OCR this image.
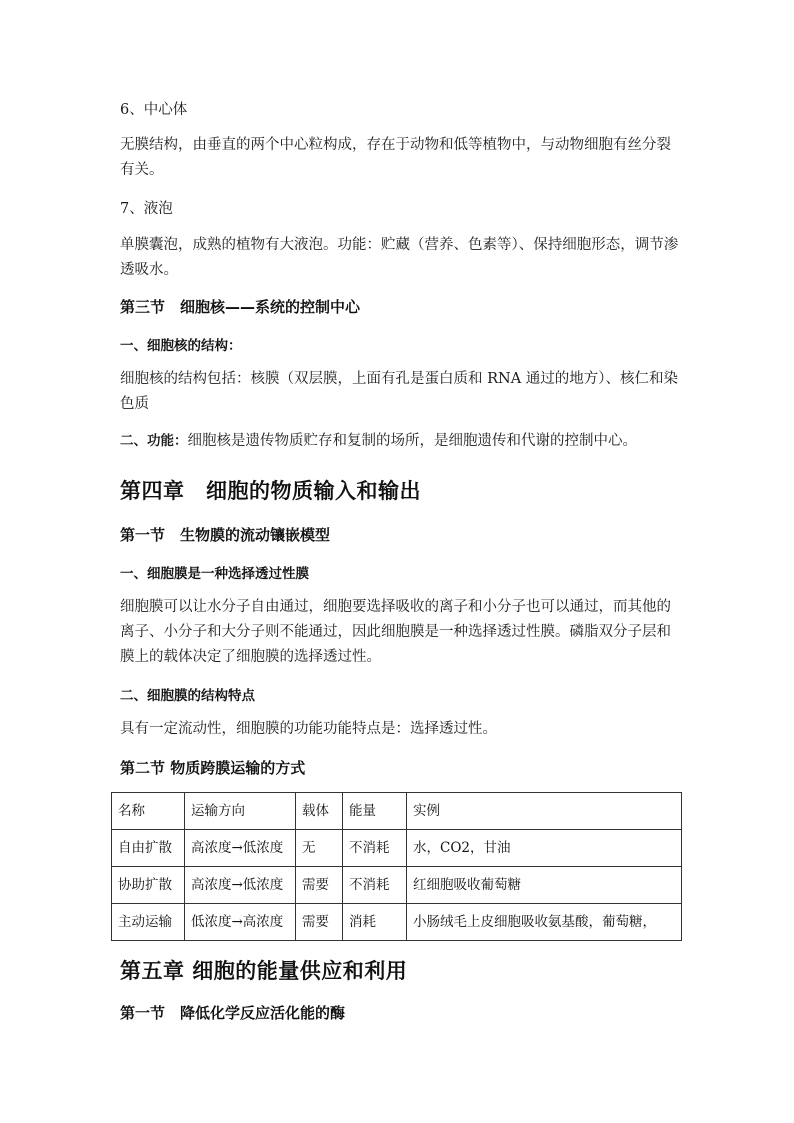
6、中心体

无膜结构，由垂直的两个中心粒构成，存在于动物和低等植物中，与动物细胞有丝分裂有关。

7、液泡

单膜囊泡，成熟的植物有大液泡。功能：贮藏（营养、色素等）、保持细胞形态，调节渗透吸水。

第三节　细胞核——系统的控制中心

一、细胞核的结构：

细胞核的结构包括：核膜（双层膜，上面有孔是蛋白质和 RNA 通过的地方）、核仁和染色质

二、功能：细胞核是遗传物质贮存和复制的场所，是细胞遗传和代谢的控制中心。

第四章　细胞的物质输入和输出

第一节　生物膜的流动镶嵌模型

一、细胞膜是一种选择透过性膜

细胞膜可以让水分子自由通过，细胞要选择吸收的离子和小分子也可以通过，而其他的离子、小分子和大分子则不能通过，因此细胞膜是一种选择透过性膜。磷脂双分子层和膜上的载体决定了细胞膜的选择透过性。

二、细胞膜的结构特点

具有一定流动性，细胞膜的功能功能特点是：选择透过性。

第二节 物质跨膜运输的方式

名称	运输方向	载体	能量	实例
自由扩散	高浓度→低浓度	无	不消耗	水，CO2，甘油
协助扩散	高浓度→低浓度	需要	不消耗	红细胞吸收葡萄糖
主动运输	低浓度→高浓度	需要	消耗	小肠绒毛上皮细胞吸收氨基酸，葡萄糖，

第五章 细胞的能量供应和利用

第一节　降低化学反应活化能的酶
